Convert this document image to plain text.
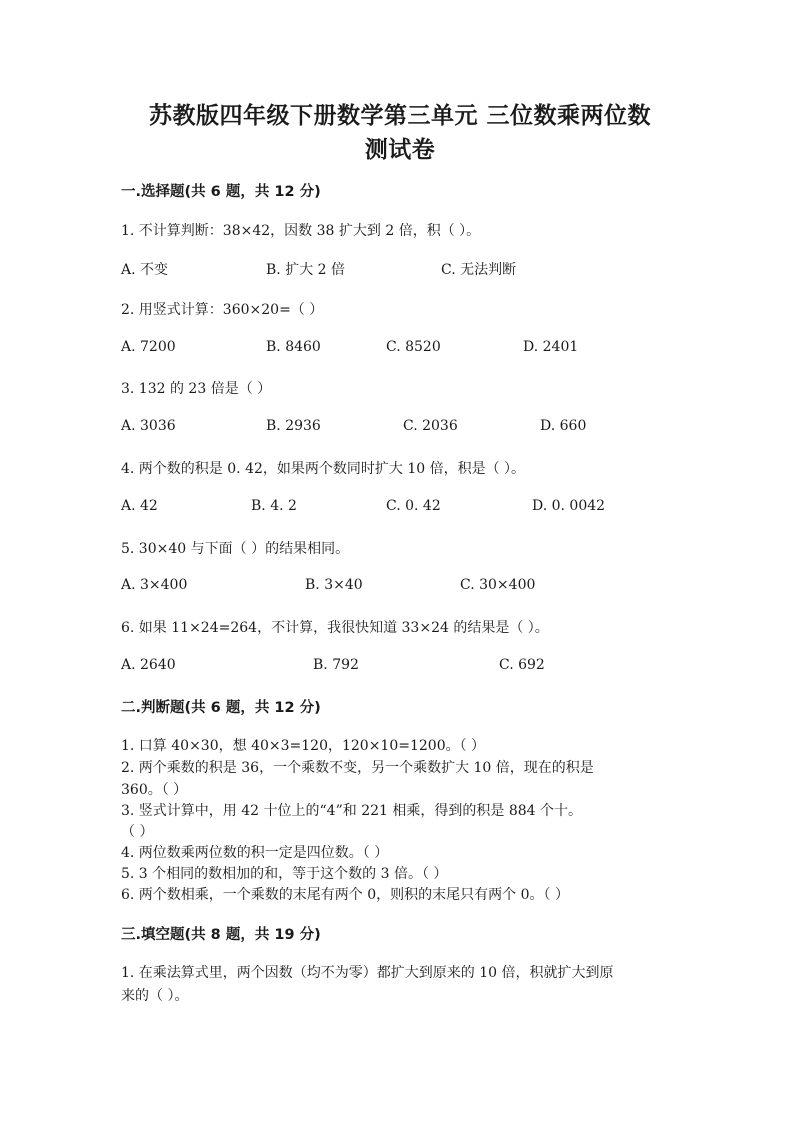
苏教版四年级下册数学第三单元 三位数乘两位数
测试卷
一.选择题(共 6 题，共 12 分)
1. 不计算判断：38×42，因数 38 扩大到 2 倍，积（ ）。
A. 不变	B. 扩大 2 倍	C. 无法判断
2. 用竖式计算：360×20=（ ）
A. 7200	B. 8460	C. 8520	D. 2401
3. 132 的 23 倍是（ ）
A. 3036	B. 2936	C. 2036	D. 660
4. 两个数的积是 0. 42，如果两个数同时扩大 10 倍，积是（ ）。
A. 42	B. 4. 2	C. 0. 42	D. 0. 0042
5. 30×40 与下面（ ）的结果相同。
A. 3×400	B. 3×40	C. 30×400
6. 如果 11×24=264，不计算，我很快知道 33×24 的结果是（ ）。
A. 2640	B. 792	C. 692
二.判断题(共 6 题，共 12 分)
1. 口算 40×30，想 40×3=120，120×10=1200。（ ）
2. 两个乘数的积是 36，一个乘数不变，另一个乘数扩大 10 倍，现在的积是
360。（ ）
3. 竖式计算中，用 42 十位上的“4”和 221 相乘，得到的积是 884 个十。
（ ）
4. 两位数乘两位数的积一定是四位数。（ ）
5. 3 个相同的数相加的和，等于这个数的 3 倍。（ ）
6. 两个数相乘，一个乘数的末尾有两个 0，则积的末尾只有两个 0。（ ）
三.填空题(共 8 题，共 19 分)
1. 在乘法算式里，两个因数（均不为零）都扩大到原来的 10 倍，积就扩大到原
来的（ ）。
